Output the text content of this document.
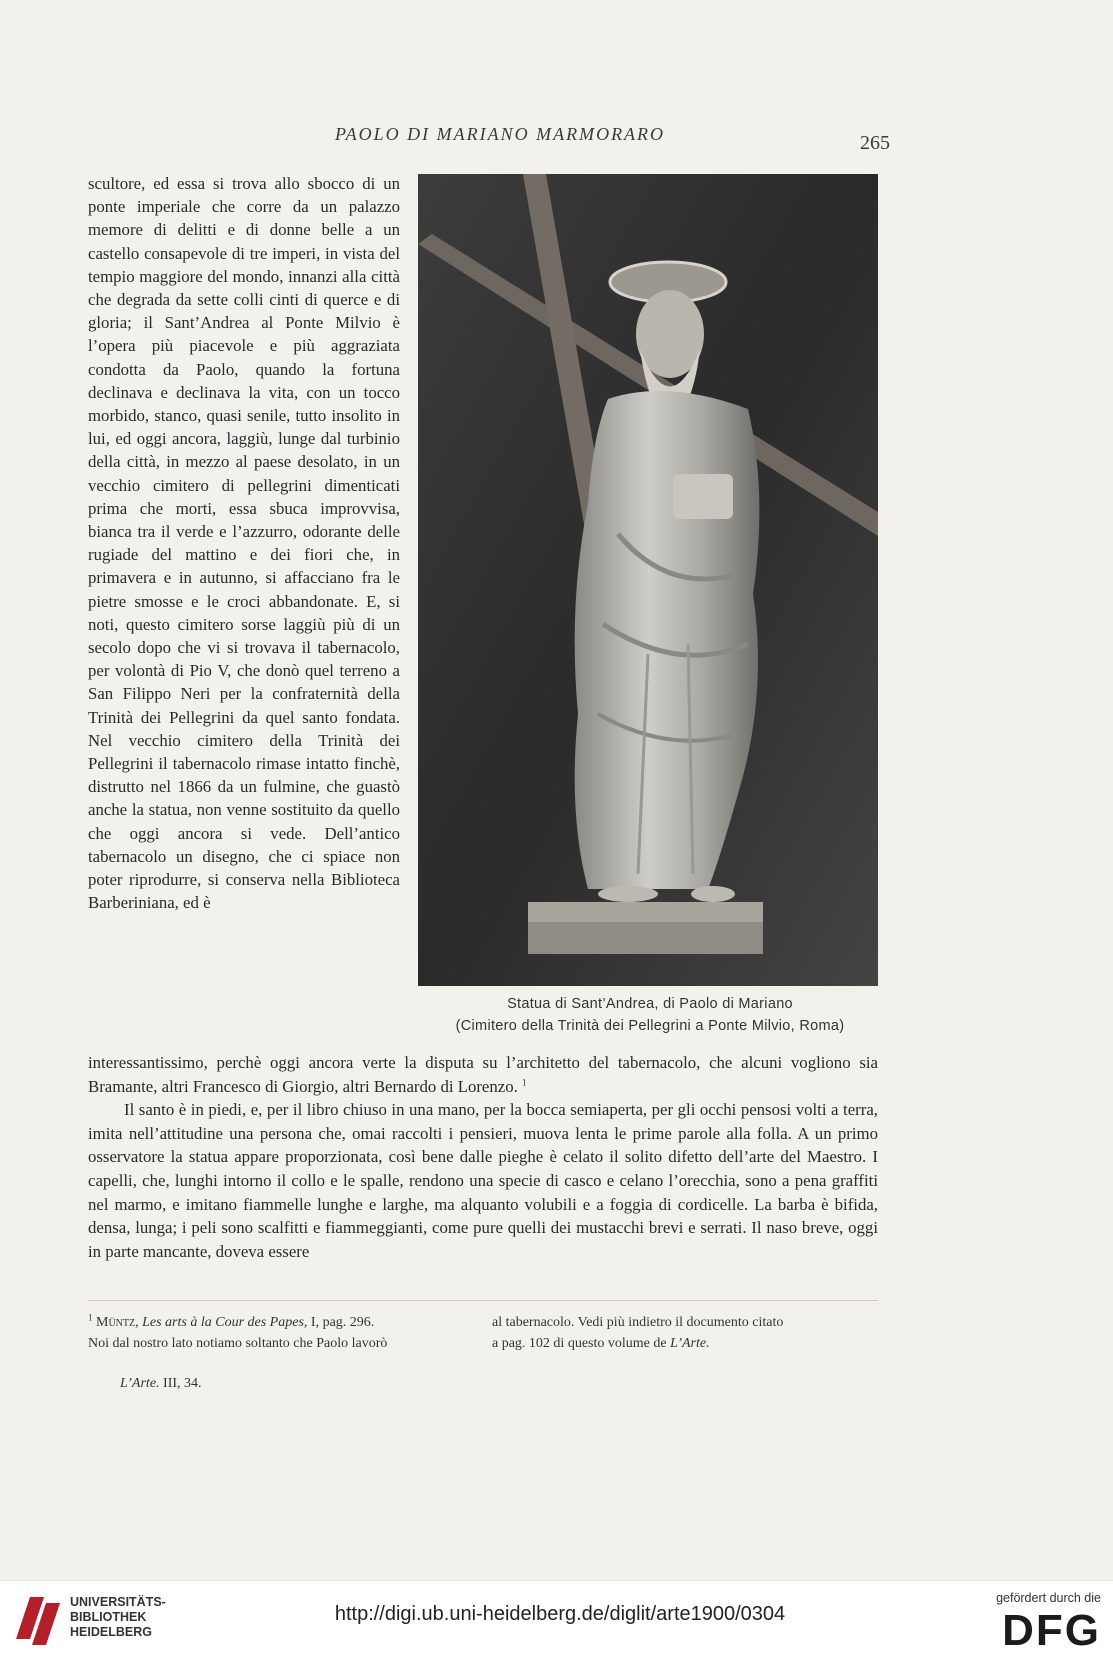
PAOLO DI MARIANO MARMORARO	265

scultore, ed essa si trova allo sbocco di un ponte imperiale che corre da un palazzo memore di delitti e di donne belle a un castello consapevole di tre imperi, in vista del tempio maggiore del mondo, innanzi alla città che degrada da sette colli cinti di querce e di gloria; il Sant’Andrea al Ponte Milvio è l’opera più piacevole e più aggraziata condotta da Paolo, quando la fortuna declinava e declinava la vita, con un tocco morbido, stanco, quasi senile, tutto insolito in lui, ed oggi ancora, laggiù, lunge dal turbinio della città, in mezzo al paese desolato, in un vecchio cimitero di pellegrini dimenticati prima che morti, essa sbuca improvvisa, bianca tra il verde e l’azzurro, odorante delle rugiade del mattino e dei fiori che, in primavera e in autunno, si affacciano fra le pietre smosse e le croci abbandonate. E, si noti, questo cimitero sorse laggiù più di un secolo dopo che vi si trovava il tabernacolo, per volontà di Pio V, che donò quel terreno a San Filippo Neri per la confraternità della Trinità dei Pellegrini da quel santo fondata. Nel vecchio cimitero della Trinità dei Pellegrini il tabernacolo rimase intatto finchè, distrutto nel 1866 da un fulmine, che guastò anche la statua, non venne sostituito da quello che oggi ancora si vede. Dell’antico tabernacolo un disegno, che ci spiace non poter riprodurre, si conserva nella Biblioteca Barberiniana, ed è

Statua di Sant’Andrea, di Paolo di Mariano
(Cimitero della Trinità dei Pellegrini a Ponte Milvio, Roma)

interessantissimo, perchè oggi ancora verte la disputa su l’architetto del tabernacolo, che alcuni vogliono sia Bramante, altri Francesco di Giorgio, altri Bernardo di Lorenzo. $^1$

Il santo è in piedi, e, per il libro chiuso in una mano, per la bocca semiaperta, per gli occhi pensosi volti a terra, imita nell’attitudine una persona che, omai raccolti i pensieri, muova lenta le prime parole alla folla. A un primo osservatore la statua appare proporzionata, così bene dalle pieghe è celato il solito difetto dell’arte del Maestro. I capelli, che, lunghi intorno il collo e le spalle, rendono una specie di casco e celano l’orecchia, sono a pena graffiti nel marmo, e imitano fiammelle lunghe e larghe, ma alquanto volubili e a foggia di cordicelle. La barba è bifida, densa, lunga; i peli sono scalfitti e fiammeggianti, come pure quelli dei mustacchi brevi e serrati. Il naso breve, oggi in parte mancante, doveva essere

$^1$ Müntz, Les arts à la Cour des Papes, I, pag. 296.

Noi dal nostro lato notiamo soltanto che Paolo lavorò

al tabernacolo. Vedi più indietro il documento citato

a pag. 102 di questo volume de L’Arte.

L’Arte. III, 34.
UNIVERSITÄTS-
BIBLIOTHEK
HEIDELBERG
http://digi.ub.uni-heidelberg.de/diglit/arte1900/0304
gefördert durch die
DFG
